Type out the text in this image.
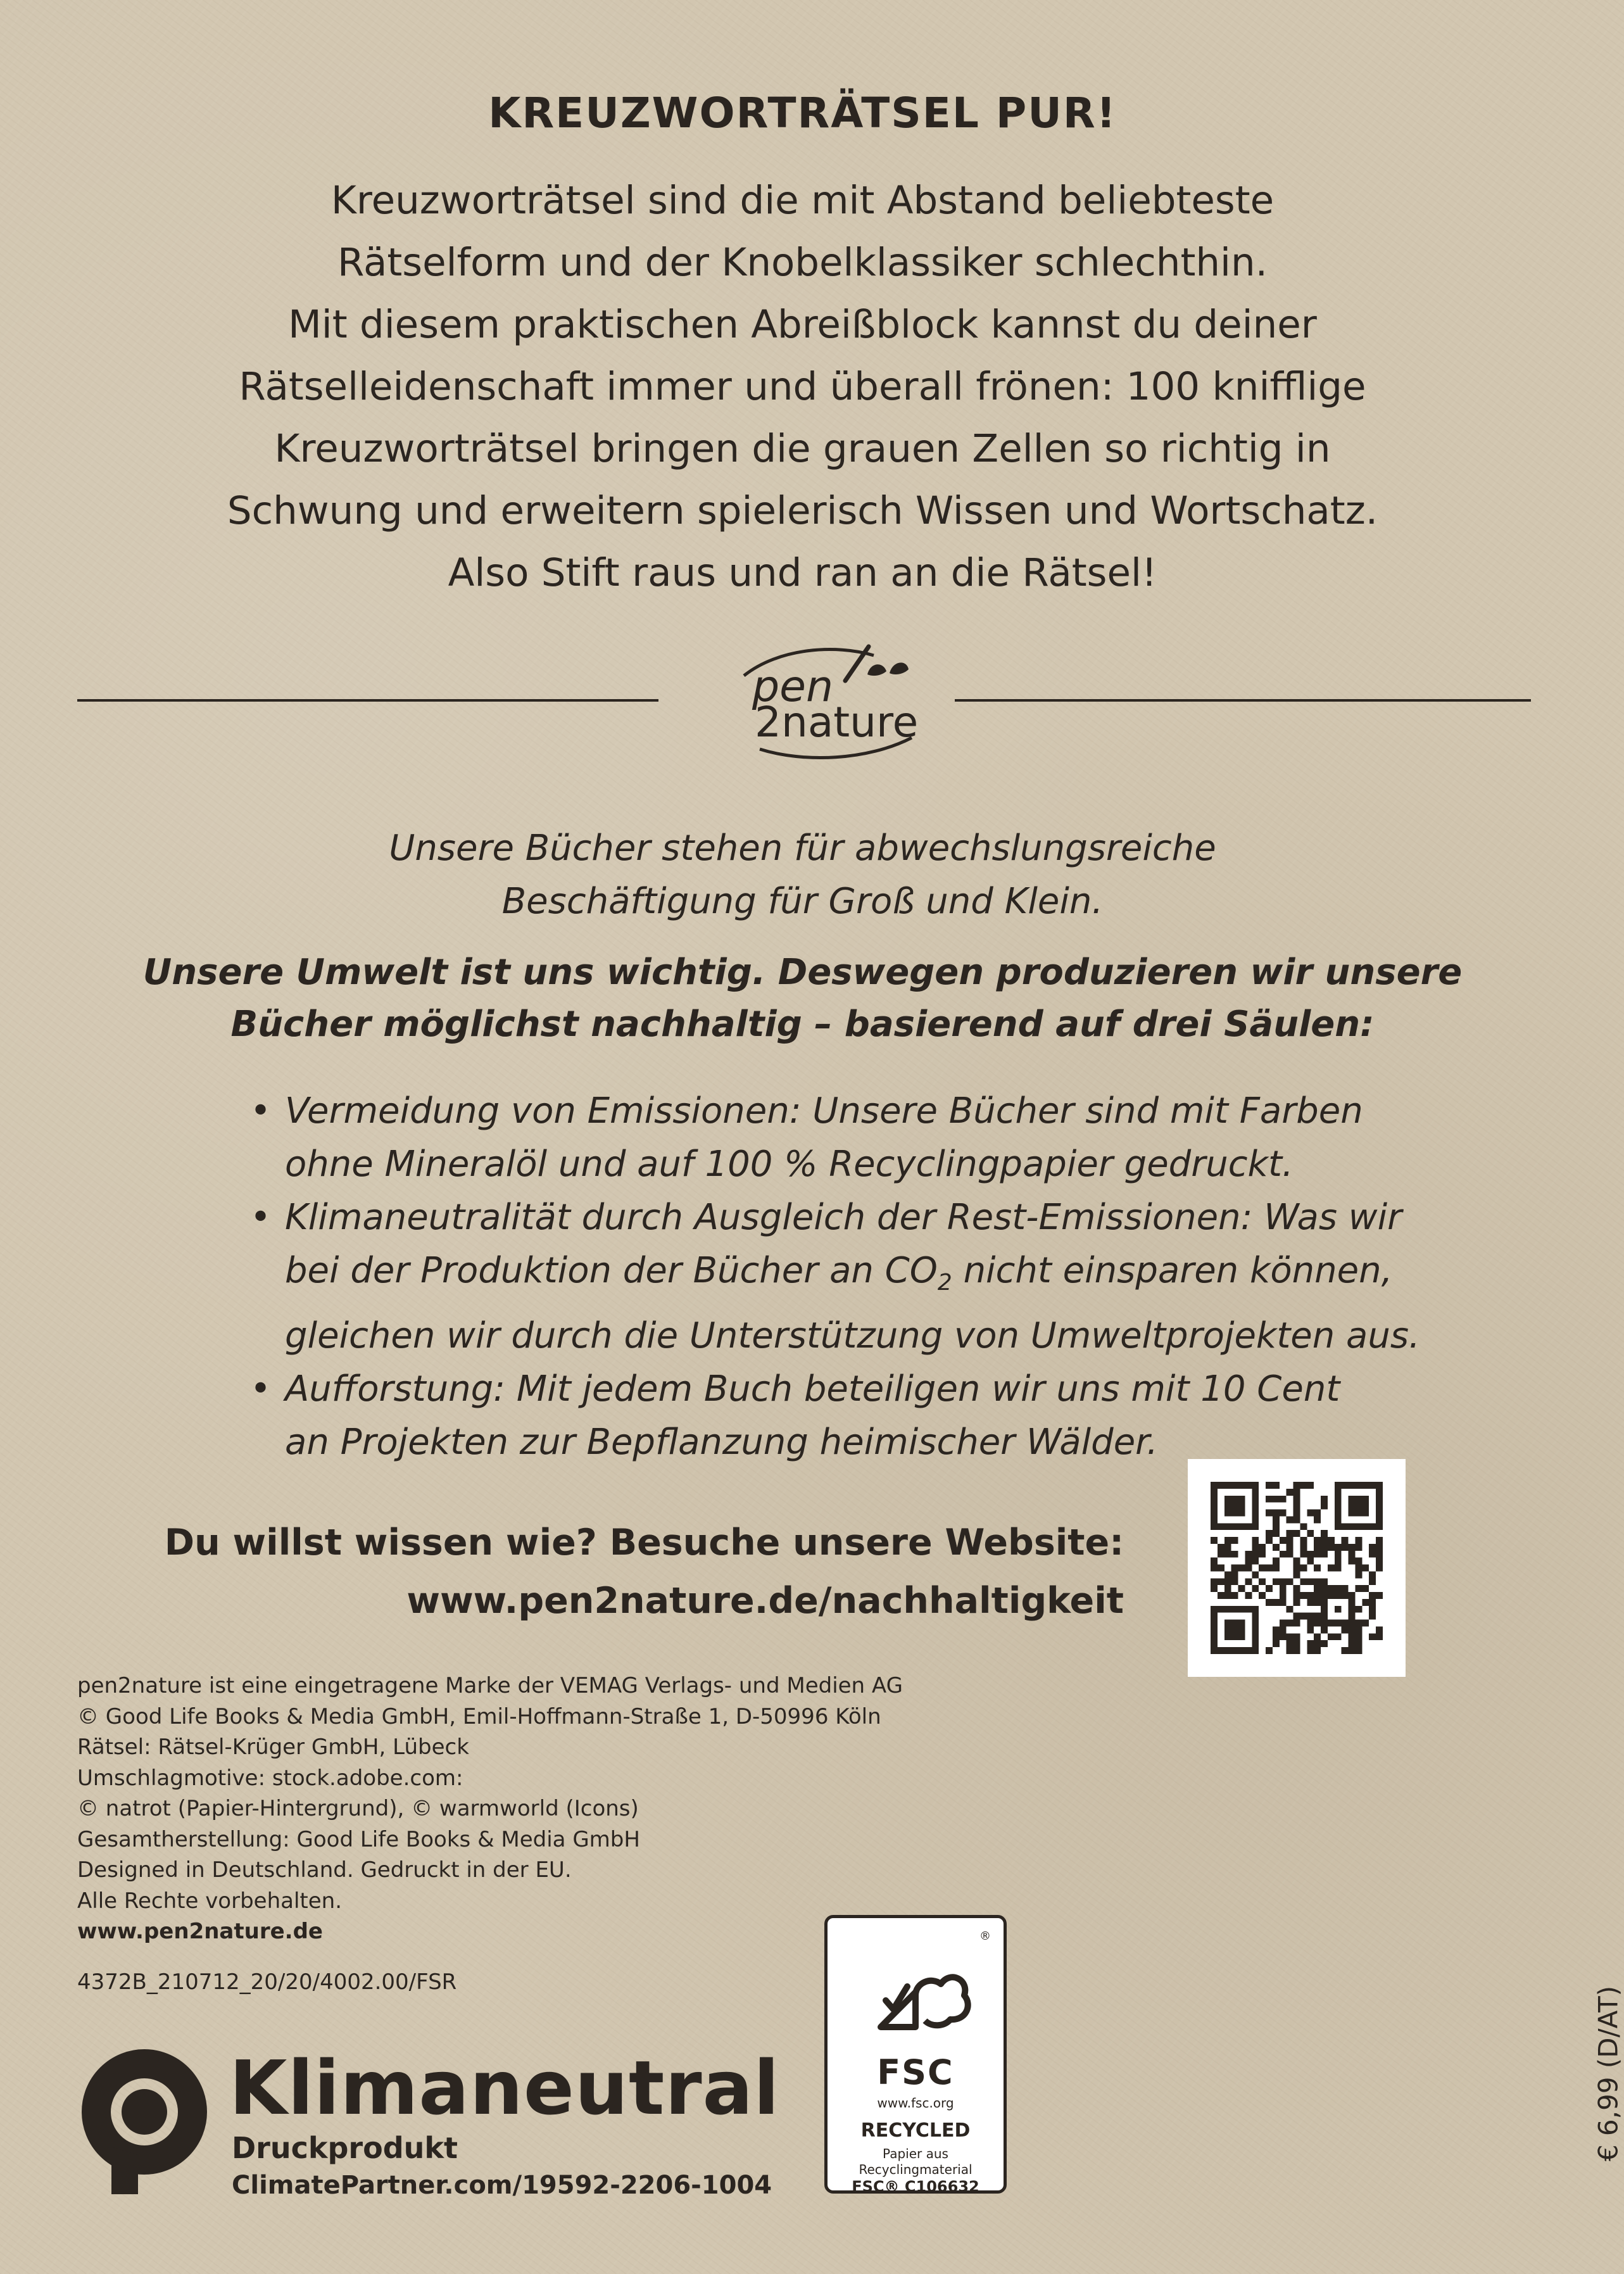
KREUZWORTRÄTSEL PUR!
Kreuzworträtsel sind die mit Abstand beliebteste
Rätselform und der Knobelklassiker schlechthin.
Mit diesem praktischen Abreißblock kannst du deiner
Rätselleidenschaft immer und überall frönen: 100 knifflige
Kreuzworträtsel bringen die grauen Zellen so richtig in
Schwung und erweitern spielerisch Wissen und Wortschatz.
Also Stift raus und ran an die Rätsel!
pen
2nature
Unsere Bücher stehen für abwechslungsreiche
Beschäftigung für Groß und Klein.
Unsere Umwelt ist uns wichtig. Deswegen produzieren wir unsere
Bücher möglichst nachhaltig – basierend auf drei Säulen:
• Vermeidung von Emissionen: Unsere Bücher sind mit Farben
ohne Mineralöl und auf 100 % Recyclingpapier gedruckt.
• Klimaneutralität durch Ausgleich der Rest-Emissionen: Was wir
bei der Produktion der Bücher an $CO_2$ nicht einsparen können,
gleichen wir durch die Unterstützung von Umweltprojekten aus.
• Aufforstung: Mit jedem Buch beteiligen wir uns mit 10 Cent
an Projekten zur Bepflanzung heimischer Wälder.
Du willst wissen wie? Besuche unsere Website:
www.pen2nature.de/nachhaltigkeit
pen2nature ist eine eingetragene Marke der VEMAG Verlags- und Medien AG
© Good Life Books & Media GmbH, Emil-Hoffmann-Straße 1, D-50996 Köln
Rätsel: Rätsel-Krüger GmbH, Lübeck
Umschlagmotive: stock.adobe.com:
© natrot (Papier-Hintergrund), © warmworld (Icons)
Gesamtherstellung: Good Life Books & Media GmbH
Designed in Deutschland. Gedruckt in der EU.
Alle Rechte vorbehalten.
www.pen2nature.de
4372B_210712_20/20/4002.00/FSR
Klimaneutral
Druckprodukt
ClimatePartner.com/19592-2206-1004
®
FSC
www.fsc.org
RECYCLED
Papier aus
Recyclingmaterial
FSC® C106632
€ 6,99 (D/AT)
